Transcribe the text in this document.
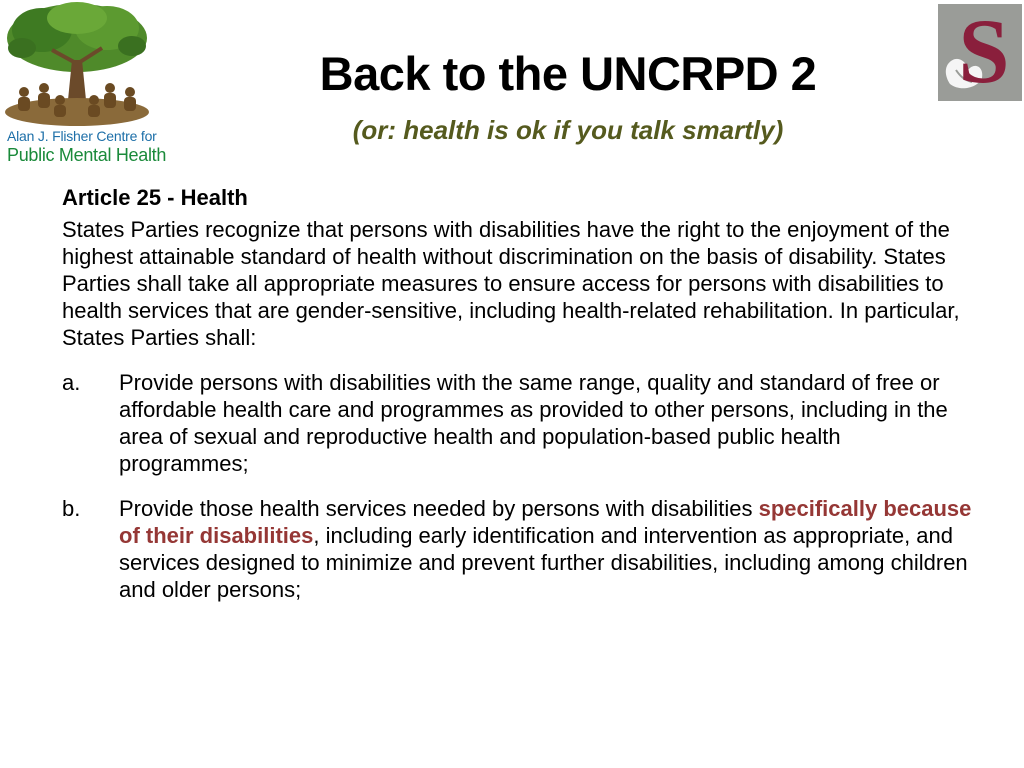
Alan J. Flisher Centre for
Public Mental Health
S
Back to the UNCRPD 2
(or: health is ok if you talk smartly)

Article 25 - Health

States Parties recognize that persons with disabilities have the right to the enjoyment of the highest attainable standard of health without discrimination on the basis of disability. States Parties shall take all appropriate measures to ensure access for persons with disabilities to health services that are gender-sensitive, including health-related rehabilitation. In particular, States Parties shall:

a. Provide persons with disabilities with the same range, quality and standard of free or affordable health care and programmes as provided to other persons, including in the area of sexual and reproductive health and population-based public health programmes;
b. Provide those health services needed by persons with disabilities specifically because of their disabilities, including early identification and intervention as appropriate, and services designed to minimize and prevent further disabilities, including among children and older persons;
